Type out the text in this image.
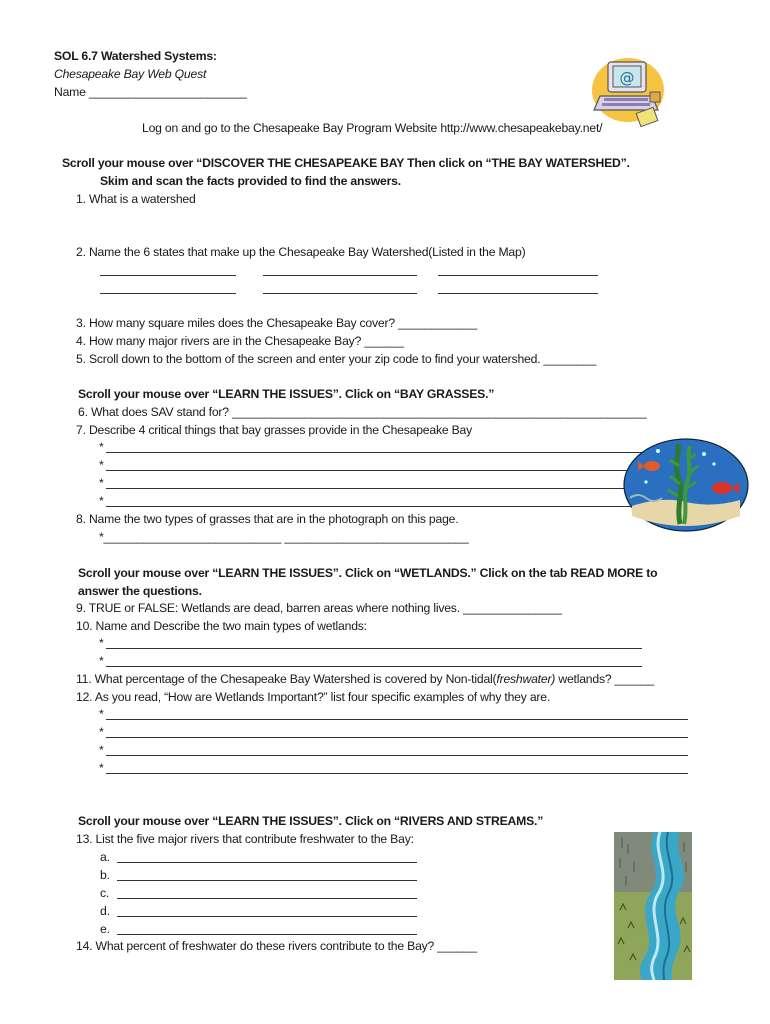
SOL 6.7 Watershed Systems:
Chesapeake Bay Web Quest
Name ________________________
Log on and go to the Chesapeake Bay Program Website http://www.chesapeakebay.net/
@
Scroll your mouse over “DISCOVER THE CHESAPEAKE BAY Then click on “THE BAY WATERSHED”.
Skim and scan the facts provided to find the answers.
1. What is a watershed
2. Name the 6 states that make up the Chesapeake Bay Watershed(Listed in the Map)
3. How many square miles does the Chesapeake Bay cover? ____________
4. How many major rivers are in the Chesapeake Bay? ______
5. Scroll down to the bottom of the screen and enter your zip code to find your watershed. ________
Scroll your mouse over “LEARN THE ISSUES”. Click on “BAY GRASSES.”
6. What does SAV stand for? _______________________________________________________________
7. Describe 4 critical things that bay grasses provide in the Chesapeake Bay
*
*
*
*
8. Name the two types of grasses that are in the photograph on this page.
*___________________________ ____________________________
Scroll your mouse over “LEARN THE ISSUES”. Click on “WETLANDS.” Click on the tab READ MORE to
answer the questions.
9. TRUE or FALSE: Wetlands are dead, barren areas where nothing lives. _______________
10. Name and Describe the two main types of wetlands:
*
*
11. What percentage of the Chesapeake Bay Watershed is covered by Non-tidal(freshwater) wetlands? ______
12. As you read, “How are Wetlands Important?” list four specific examples of why they are.
*
*
*
*
Scroll your mouse over “LEARN THE ISSUES”. Click on “RIVERS AND STREAMS.”
13. List the five major rivers that contribute freshwater to the Bay:
a.
b.
c.
d.
e.
14. What percent of freshwater do these rivers contribute to the Bay? ______
